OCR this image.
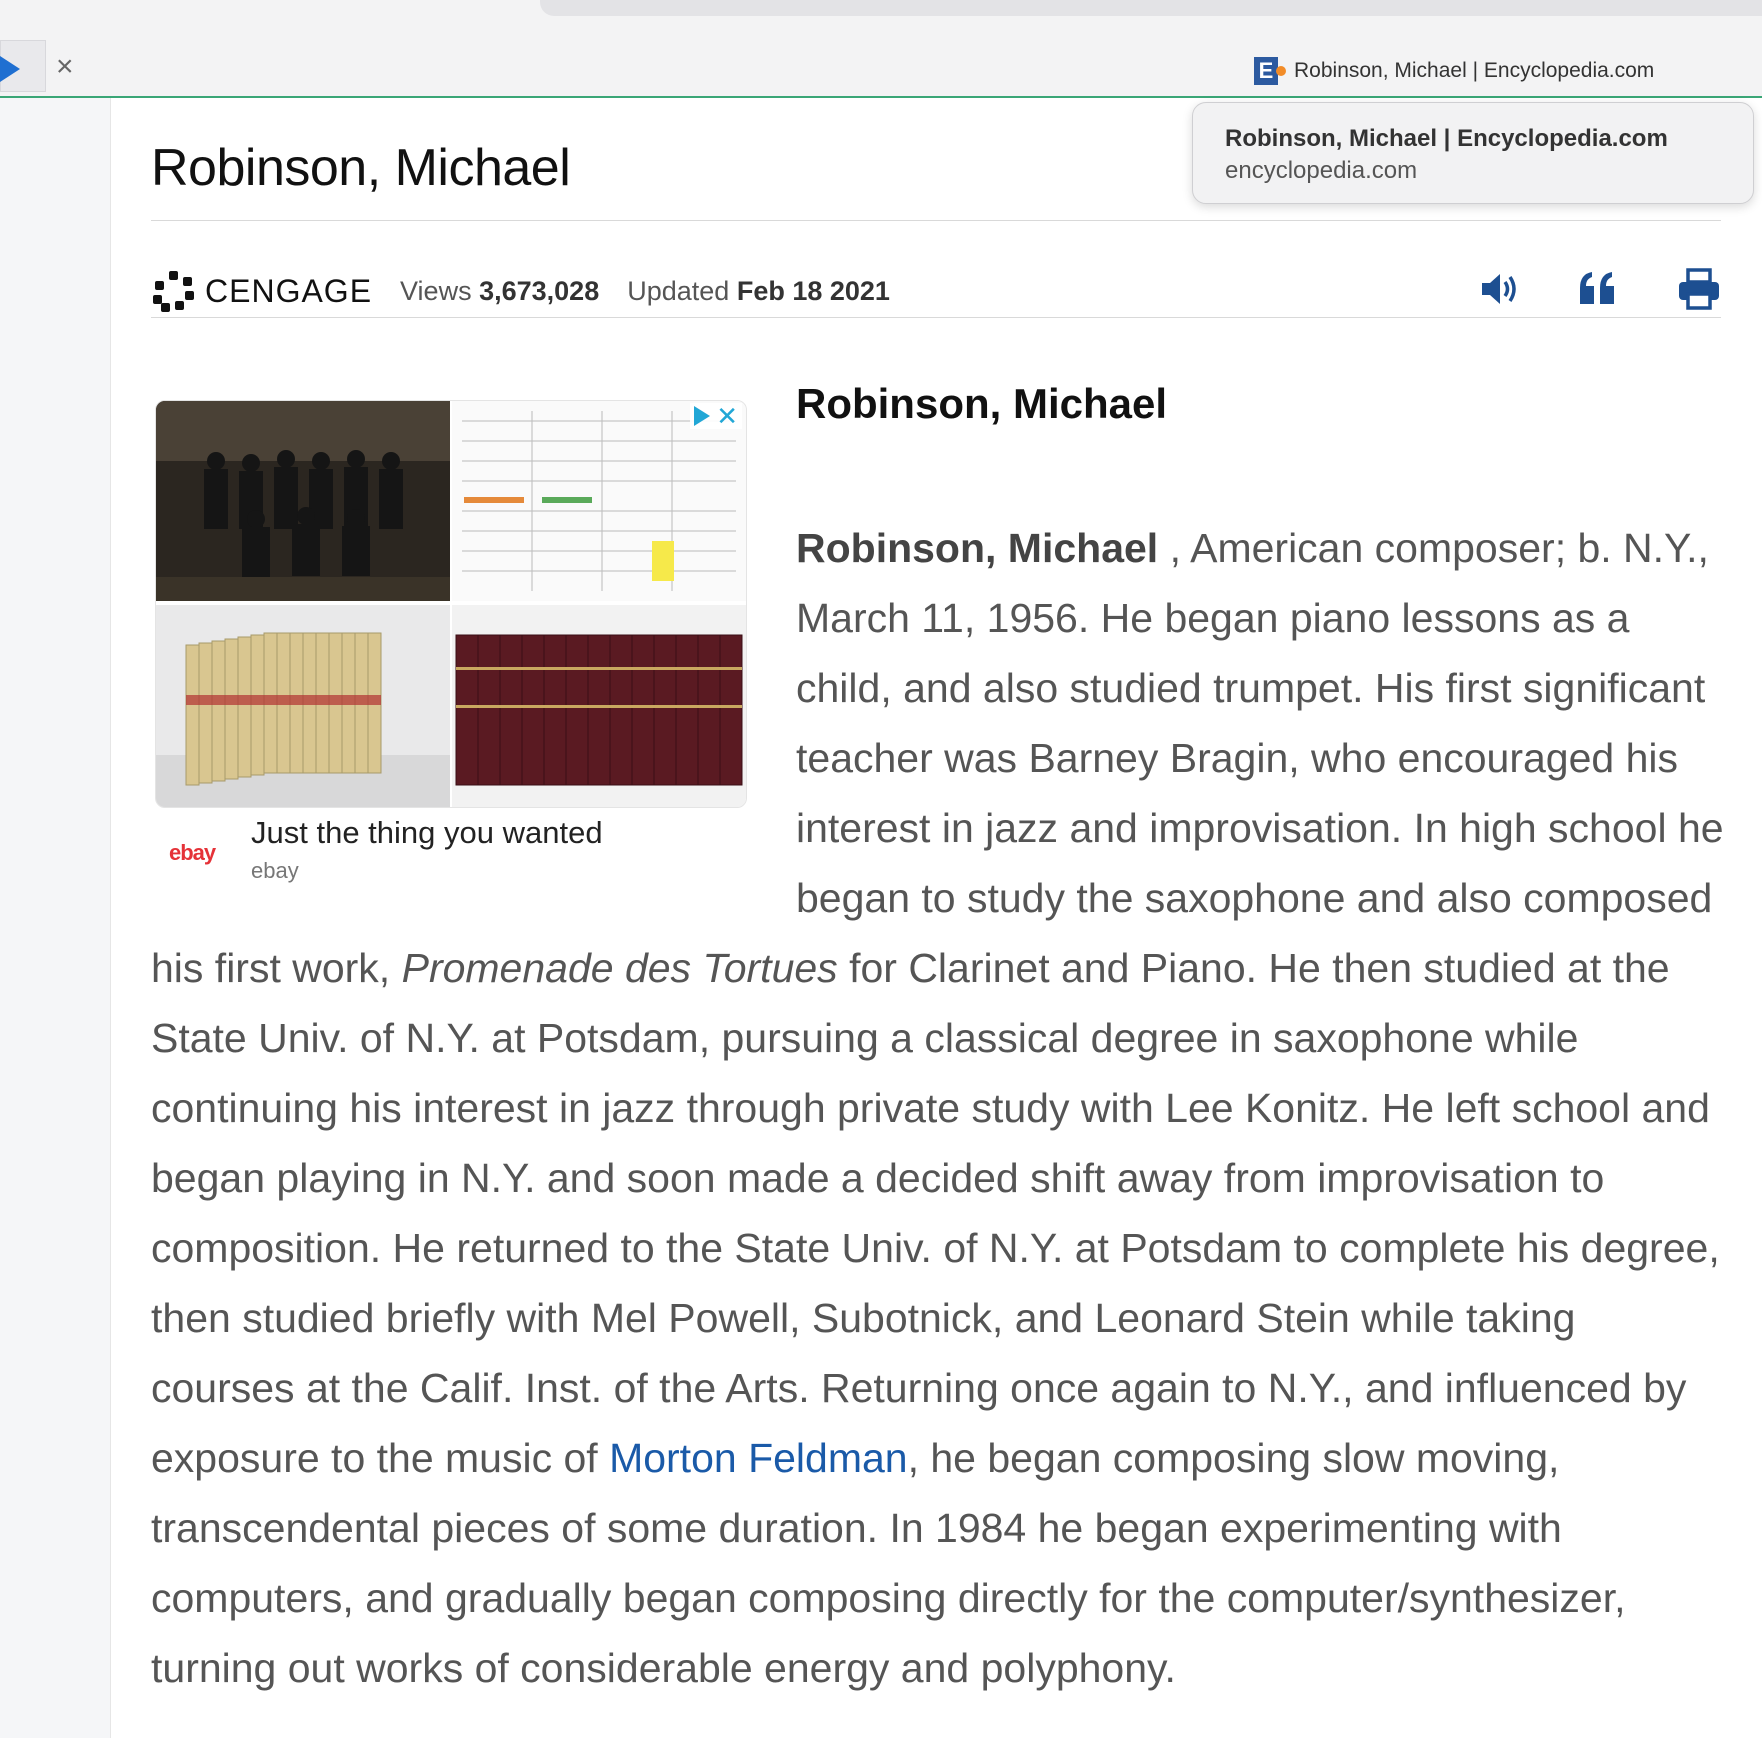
×	E Robinson, Michael | Encyclopedia.com
Robinson, Michael
CENGAGE Views 3,673,028 Updated Feb 18 2021
✕
ebay
Just the thing you wanted
ebay
Robinson, Michael
Robinson, Michael , American composer; b. N.Y., March 11, 1956. He began piano lessons as a child, and also studied trumpet. His first significant teacher was Barney Bragin, who encouraged his interest in jazz and improvisation. In high school he began to study the saxophone and also composed his first work, Promenade des Tortues for Clarinet and Piano. He then studied at the State Univ. of N.Y. at Potsdam, pursuing a classical degree in saxophone while continuing his interest in jazz through private study with Lee Konitz. He left school and began playing in N.Y. and soon made a decided shift away from improvisation to composition. He returned to the State Univ. of N.Y. at Potsdam to complete his degree, then studied briefly with Mel Powell, Subotnick, and Leonard Stein while taking courses at the Calif. Inst. of the Arts. Returning once again to N.Y., and influenced by exposure to the music of Morton Feldman, he began composing slow moving, transcendental pieces of some duration. In 1984 he began experimenting with computers, and gradually began composing directly for the computer/synthesizer, turning out works of considerable energy and polyphony.
Robinson, Michael | Encyclopedia.com
encyclopedia.com
